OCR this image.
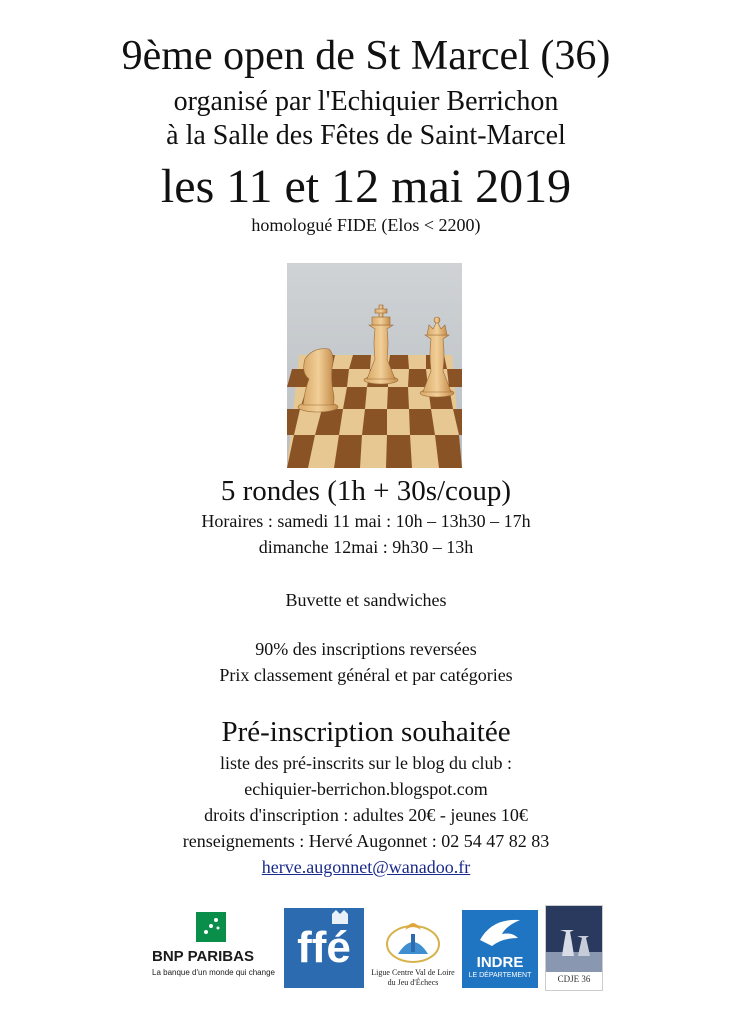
9ème open de St Marcel (36)
organisé par l'Echiquier Berrichon
à la Salle des Fêtes de Saint-Marcel
les 11 et 12 mai 2019
homologué FIDE (Elos < 2200)
5 rondes (1h + 30s/coup)
Horaires : samedi 11 mai : 10h – 13h30 – 17h
dimanche 12mai : 9h30 – 13h
Buvette et sandwiches
90% des inscriptions reversées
Prix classement général et par catégories
Pré-inscription souhaitée
liste des pré-inscrits sur le blog du club :
echiquier-berrichon.blogspot.com
droits d'inscription : adultes 20€ - jeunes 10€
renseignements : Hervé Augonnet : 02 54 47 82 83
herve.augonnet@wanadoo.fr
BNP PARIBAS
La banque d'un monde qui change
ffé
Ligue Centre Val de Loire du Jeu d'Échecs
INDRE
LE DÉPARTEMENT	CDJE 36
